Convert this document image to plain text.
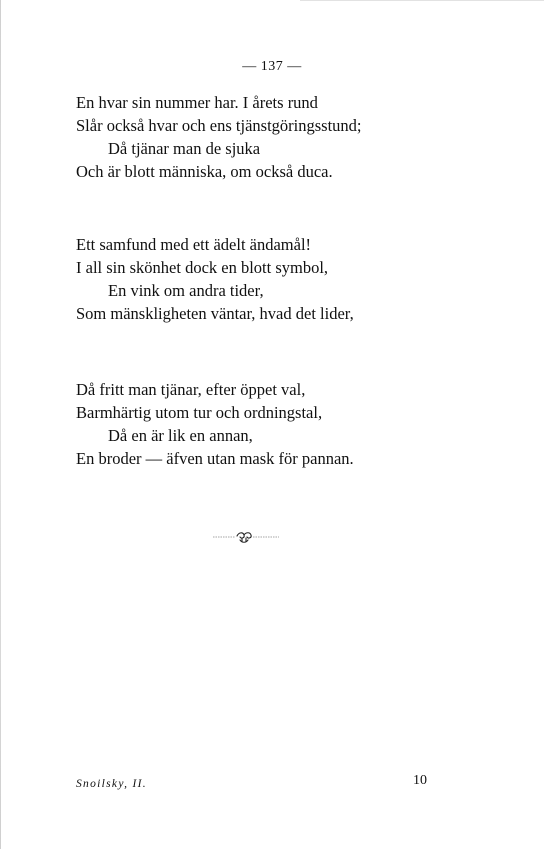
— 137 —
En hvar sin nummer har. I årets rund
Slår också hvar och ens tjänstgöringsstund;
Då tjänar man de sjuka
Och är blott människa, om också duca.
Ett samfund med ett ädelt ändamål!
I all sin skönhet dock en blott symbol,
En vink om andra tider,
Som mänskligheten väntar, hvad det lider,
Då fritt man tjänar, efter öppet val,
Barmhärtig utom tur och ordningstal,
Då en är lik en annan,
En broder — äfven utan mask för pannan.
Snoilsky, II.	10
